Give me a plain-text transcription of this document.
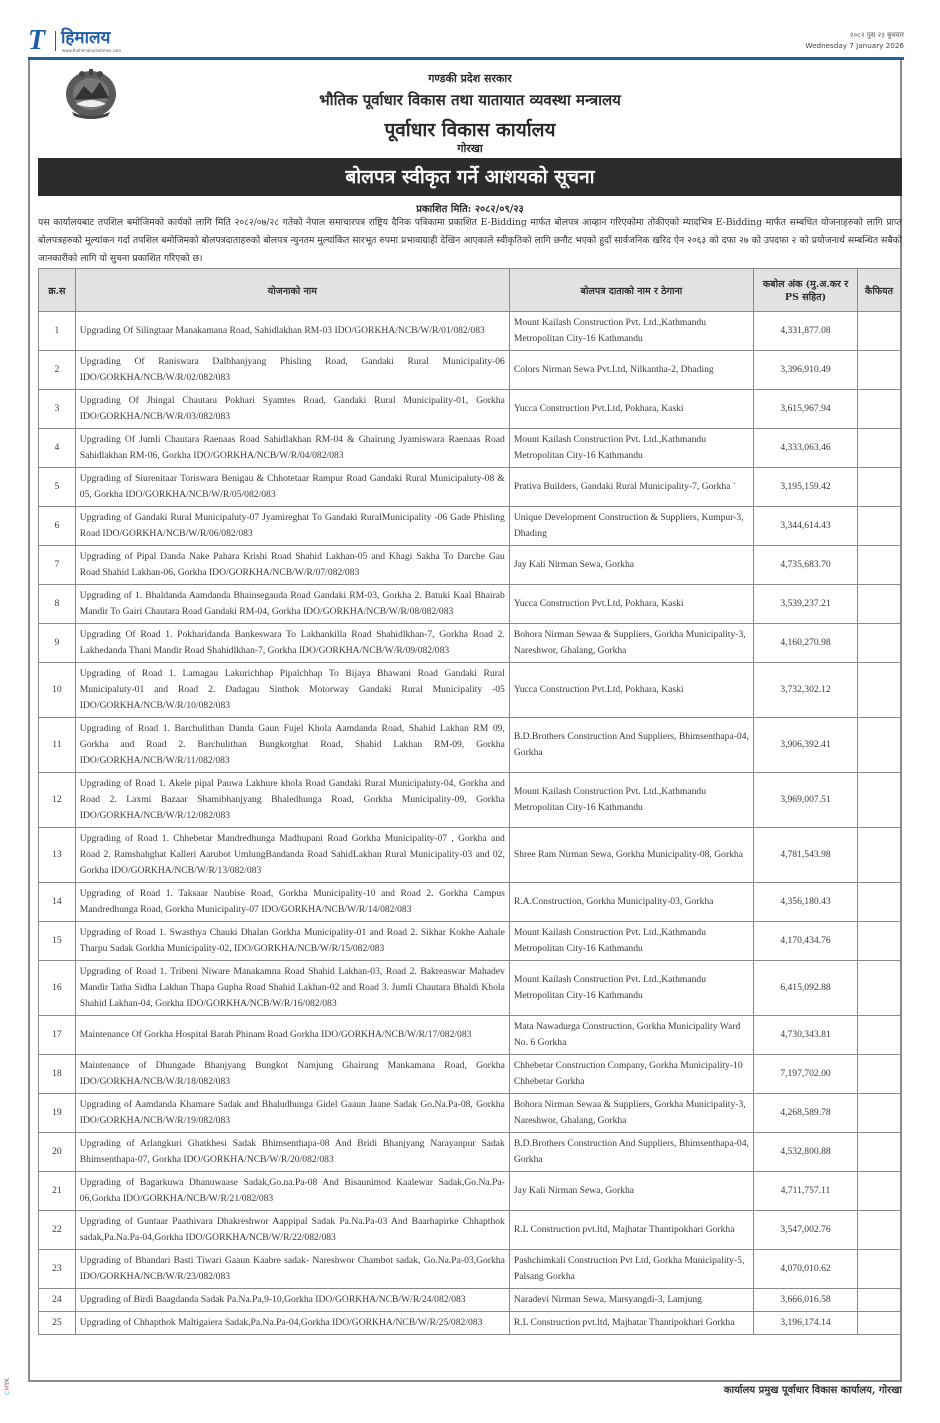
T हिमालय
www.thehimalayantimes.com
२०८२ पुस २३ बुधवार
Wednesday 7 January 2026
गण्डकी प्रदेश सरकार
भौतिक पूर्वाधार विकास तथा यातायात व्यवस्था मन्त्रालय
पूर्वाधार विकास कार्यालय
गोरखा
बोलपत्र स्वीकृत गर्ने आशयको सूचना
प्रकाशित मिति: २०८२/०९/२३
यस कार्यालयबाट तपशिल बमोजिमको कार्यको लागि मिति २०८२/०७/२८ गतेको नेपाल समाचारपत्र राष्ट्रिय दैनिक पत्रिकामा प्रकाशित E-Bidding मार्फत बोलपत्र आव्हान गरिएकोमा तोकीएको म्यादभित्र E-Bidding मार्फत सम्बधित योजनाहरुको लागि प्राप्त बोलपत्रहरुको मूल्यांकन गर्दा तपशिल बमोजिमको बोलपत्रदाताहरुको बोलपत्र न्युनतम मुल्यांकित सारभूत रुपमा प्रभावाग्राही देखिन आएकाले स्वीकृतिको लागि छनौट भएको हुदाँ सार्वजनिक खरिद ऐन २०६३ को दफा २७ को उपदफा २ को प्रयोजनार्थ सम्बन्धित सबैको जानकारीको लागि यो सुचना प्रकाशित गरिएको छ।
क्र.स	योजनाको नाम	बोलपत्र दाताको नाम र ठेगाना	कबोल अंक (मु.अ.कर र PS सहित)	कैफियत
1	Upgrading Of Silingtaar Manakamana Road, Sahidlakhan RM-03 IDO/GORKHA/NCB/W/R/01/082/083	Mount Kailash Construction Pvt. Ltd.,Kathmandu Metropolitan City-16 Kathmandu	4,331,877.08	
2	Upgrading Of Raniswara Dalbhanjyang Phisling Road, Gandaki Rural Municipality-06 IDO/GORKHA/NCB/W/R/02/082/083	Colors Nirman Sewa Pvt.Ltd, Nilkantha-2, Dhading	3,396,910.49	
3	Upgrading Of Jhingal Chautara Pokhari Syamtes Road, Gandaki Rural Municipality-01, Gorkha IDO/GORKHA/NCB/W/R/03/082/083	Yucca Construction Pvt.Ltd, Pokhara, Kaski	3,615,967.94	
4	Upgrading Of Jumli Chautara Raenaas Road Sahidlakhan RM-04 & Ghairung Jyamiswara Raenaas Road Sahidlakhan RM-06, Gorkha IDO/GORKHA/NCB/W/R/04/082/083	Mount Kailash Construction Pvt. Ltd.,Kathmandu Metropolitan City-16 Kathmandu	4,333,063.46	
5	Upgrading of Siurenitaar Toriswara Benigau & Chhotetaar Rampur Road Gandaki Rural Municipaluty-08 & 05, Gorkha IDO/GORKHA/NCB/W/R/05/082/083	Prativa Builders, Gandaki Rural Municipality-7, Gorkha `	3,195,159.42	
6	Upgrading of Gandaki Rural Municipaluty-07 Jyamireghat To Gandaki RuralMunicipality -06 Gade Phisling Road IDO/GORKHA/NCB/W/R/06/082/083	Unique Development Construction & Suppliers, Kumpur-3, Dhading	3,344,614.43	
7	Upgrading of Pipal Danda Nake Pahara Krishi Road Shahid Lakhan-05 and Khagi Sakha To Darche Gau Road Shahid Lakhan-06, Gorkha IDO/GORKHA/NCB/W/R/07/082/083	Jay Kali Nirman Sewa, Gorkha	4,735,683.70	
8	Upgrading of 1. Bhaldanda Aamdanda Bhainsegauda Road Gandaki RM-03, Gorkha 2. Batuki Kaal Bhairab Mandir To Gairi Chautara Road Gandaki RM-04, Gorkha IDO/GORKHA/NCB/W/R/08/082/083	Yucca Construction Pvt.Ltd, Pokhara, Kaski	3,539,237.21	
9	Upgrading Of Road 1. Pokharidanda Bankeswara To Lakhankilla Road Shahidlkhan-7, Gorkha Road 2. Lakhedanda Thani Mandir Road Shahidlkhan-7, Gorkha IDO/GORKHA/NCB/W/R/09/082/083	Bohora Nirman Sewaa & Suppliers, Gorkha Municipality-3, Nareshwor, Ghalang, Gorkha	4,160,270.98	
10	Upgrading of Road 1. Lamagau Lakurichhap Pipalchhap To Bijaya Bhawani Road Gandaki Rural Municipaluty-01 and Road 2. Dadagau Sinthok Motorway Gandaki Rural Municipality -05 IDO/GORKHA/NCB/W/R/10/082/083	Yucca Construction Pvt.Ltd, Pokhara, Kaski	3,732,302.12	
11	Upgrading of Road 1. Barchulithan Danda Gaun Fujel Khola Aamdanda Road, Shahid Lakhan RM 09, Gorkha and Road 2. Barchulithan Bungkotghat Road, Shahid Lakhan RM-09, Gorkha IDO/GORKHA/NCB/W/R/11/082/083	B.D.Brothers Construction And Suppliers, Bhimsenthapa-04, Gorkha	3,906,392.41	
12	Upgrading of Road 1. Akele pipal Pauwa Lakhure khola Road Gandaki Rural Municipaluty-04, Gorkha and Road 2. Laxmi Bazaar Shamibhanjyang Bhaledhunga Road, Gorkha Municipality-09, Gorkha IDO/GORKHA/NCB/W/R/12/082/083	Mount Kailash Construction Pvt. Ltd.,Kathmandu Metropolitan City-16 Kathmandu	3,969,007.51	
13	Upgrading of Road 1. Chhebetar Mandredhunga Madhupani Road Gorkha Municipality-07 , Gorkha and Road 2. Ramshahghat Kalleri Aarubot UmlungBandanda Road SahidLakhan Rural Municipality-03 and 02, Gorkha IDO/GORKHA/NCB/W/R/13/082/083	Shree Ram Nirman Sewa, Gorkha Municipality-08, Gorkha	4,781,543.98	
14	Upgrading of Road 1. Taksaar Naubise Road, Gorkha Municipality-10 and Road 2. Gorkha Campus Mandredhunga Road, Gorkha Municipality-07 IDO/GORKHA/NCB/W/R/14/082/083	R.A.Construction, Gorkha Municipality-03, Gorkha	4,356,180.43	
15	Upgrading of Road 1. Swasthya Chauki Dhalan Gorkha Municipality-01 and Road 2. Sikhar Kokhe Aahale Tharpu Sadak Gorkha Municipality-02, IDO/GORKHA/NCB/W/R/15/082/083	Mount Kailash Construction Pvt. Ltd.,Kathmandu Metropolitan City-16 Kathmandu	4,170,434.76	
16	Upgrading of Road 1. Tribeni Niware Manakamna Road Shahid Lakhan-03, Road 2. Bakreaswar Mahadev Mandir Tatha Sidha Lakhan Thapa Gupha Road Shahid Lakhan-02 and Road 3. Jumli Chautara Bhaldi Khola Shahid Lakhan-04, Gorkha IDO/GORKHA/NCB/W/R/16/082/083	Mount Kailash Construction Pvt. Ltd.,Kathmandu Metropolitan City-16 Kathmandu	6,415,092.88	
17	Maintenance Of Gorkha Hospital Barah Phinam Road Gorkha IDO/GORKHA/NCB/W/R/17/082/083	Mata Nawadurga Construction, Gorkha Municipality Ward No. 6 Gorkha	4,730,343.81	
18	Maintenance of Dhungade Bhanjyang Bungkot Namjung Ghairung Mankamana Road, Gorkha IDO/GORKHA/NCB/W/R/18/082/083	Chhebetar Construction Company, Gorkha Municipality-10 Chhebetar Gorkha	7,197,702.00	
19	Upgrading of Aamdanda Khamare Sadak and Bhaludhunga Gidel Gaaun Jaane Sadak Go.Na.Pa-08, Gorkha IDO/GORKHA/NCB/W/R/19/082/083	Bohora Nirman Sewaa & Suppliers, Gorkha Municipality-3, Nareshwor, Ghalang, Gorkha	4,268,589.78	
20	Upgrading of Arlangkuri Ghatkhesi Sadak Bhimsenthapa-08 And Bridi Bhanjyang Narayanpur Sadak Bhimsenthapa-07, Gorkha IDO/GORKHA/NCB/W/R/20/082/083	B.D.Brothers Construction And Suppliers, Bhimsenthapa-04, Gorkha	4,532,800.88	
21	Upgrading of Bagarkuwa Dhanuwaase Sadak,Go.na.Pa-08 And Bisaunimod Kaalewar Sadak,Go.Na.Pa-06,Gorkha IDO/GORKHA/NCB/W/R/21/082/083	Jay Kali Nirman Sewa, Gorkha	4,711,757.11	
22	Upgrading of Guntaar Paathivara Dhakreshwor Aappipal Sadak Pa.Na.Pa-03 And Baarhapirke Chhapthok sadak,Pa.Na.Pa-04,Gorkha IDO/GORKHA/NCB/W/R/22/082/083	R.L Construction pvt.ltd, Majhatar Thantipokhari Gorkha	3,547,002.76	
23	Upgrading of Bhandari Basti Tiwari Gaaun Kaabre sadak- Nareshwor Chambot sadak, Go.Na.Pa-03,Gorkha IDO/GORKHA/NCB/W/R/23/082/083	Pashchimkali Construction Pvt Ltd, Gorkha Municipality-5, Palsang Gorkha	4,070,010.62	
24	Upgrading of Birdi Baagdanda Sadak Pa.Na.Pa,9-10,Gorkha IDO/GORKHA/NCB/W/R/24/082/083	Naradevi Nirman Sewa, Marsyangdi-3, Lamjung	3,666,016.58	
25	Upgrading of Chhapthok Maltigaiera Sadak,Pa.Na.Pa-04,Gorkha IDO/GORKHA/NCB/W/R/25/082/083	R.L Construction pvt.ltd, Majhatar Thantipokhari Gorkha	3,196,174.14	
कार्यालय प्रमुख पूर्वाधार विकास कार्यालय, गोरखा
CMYK
